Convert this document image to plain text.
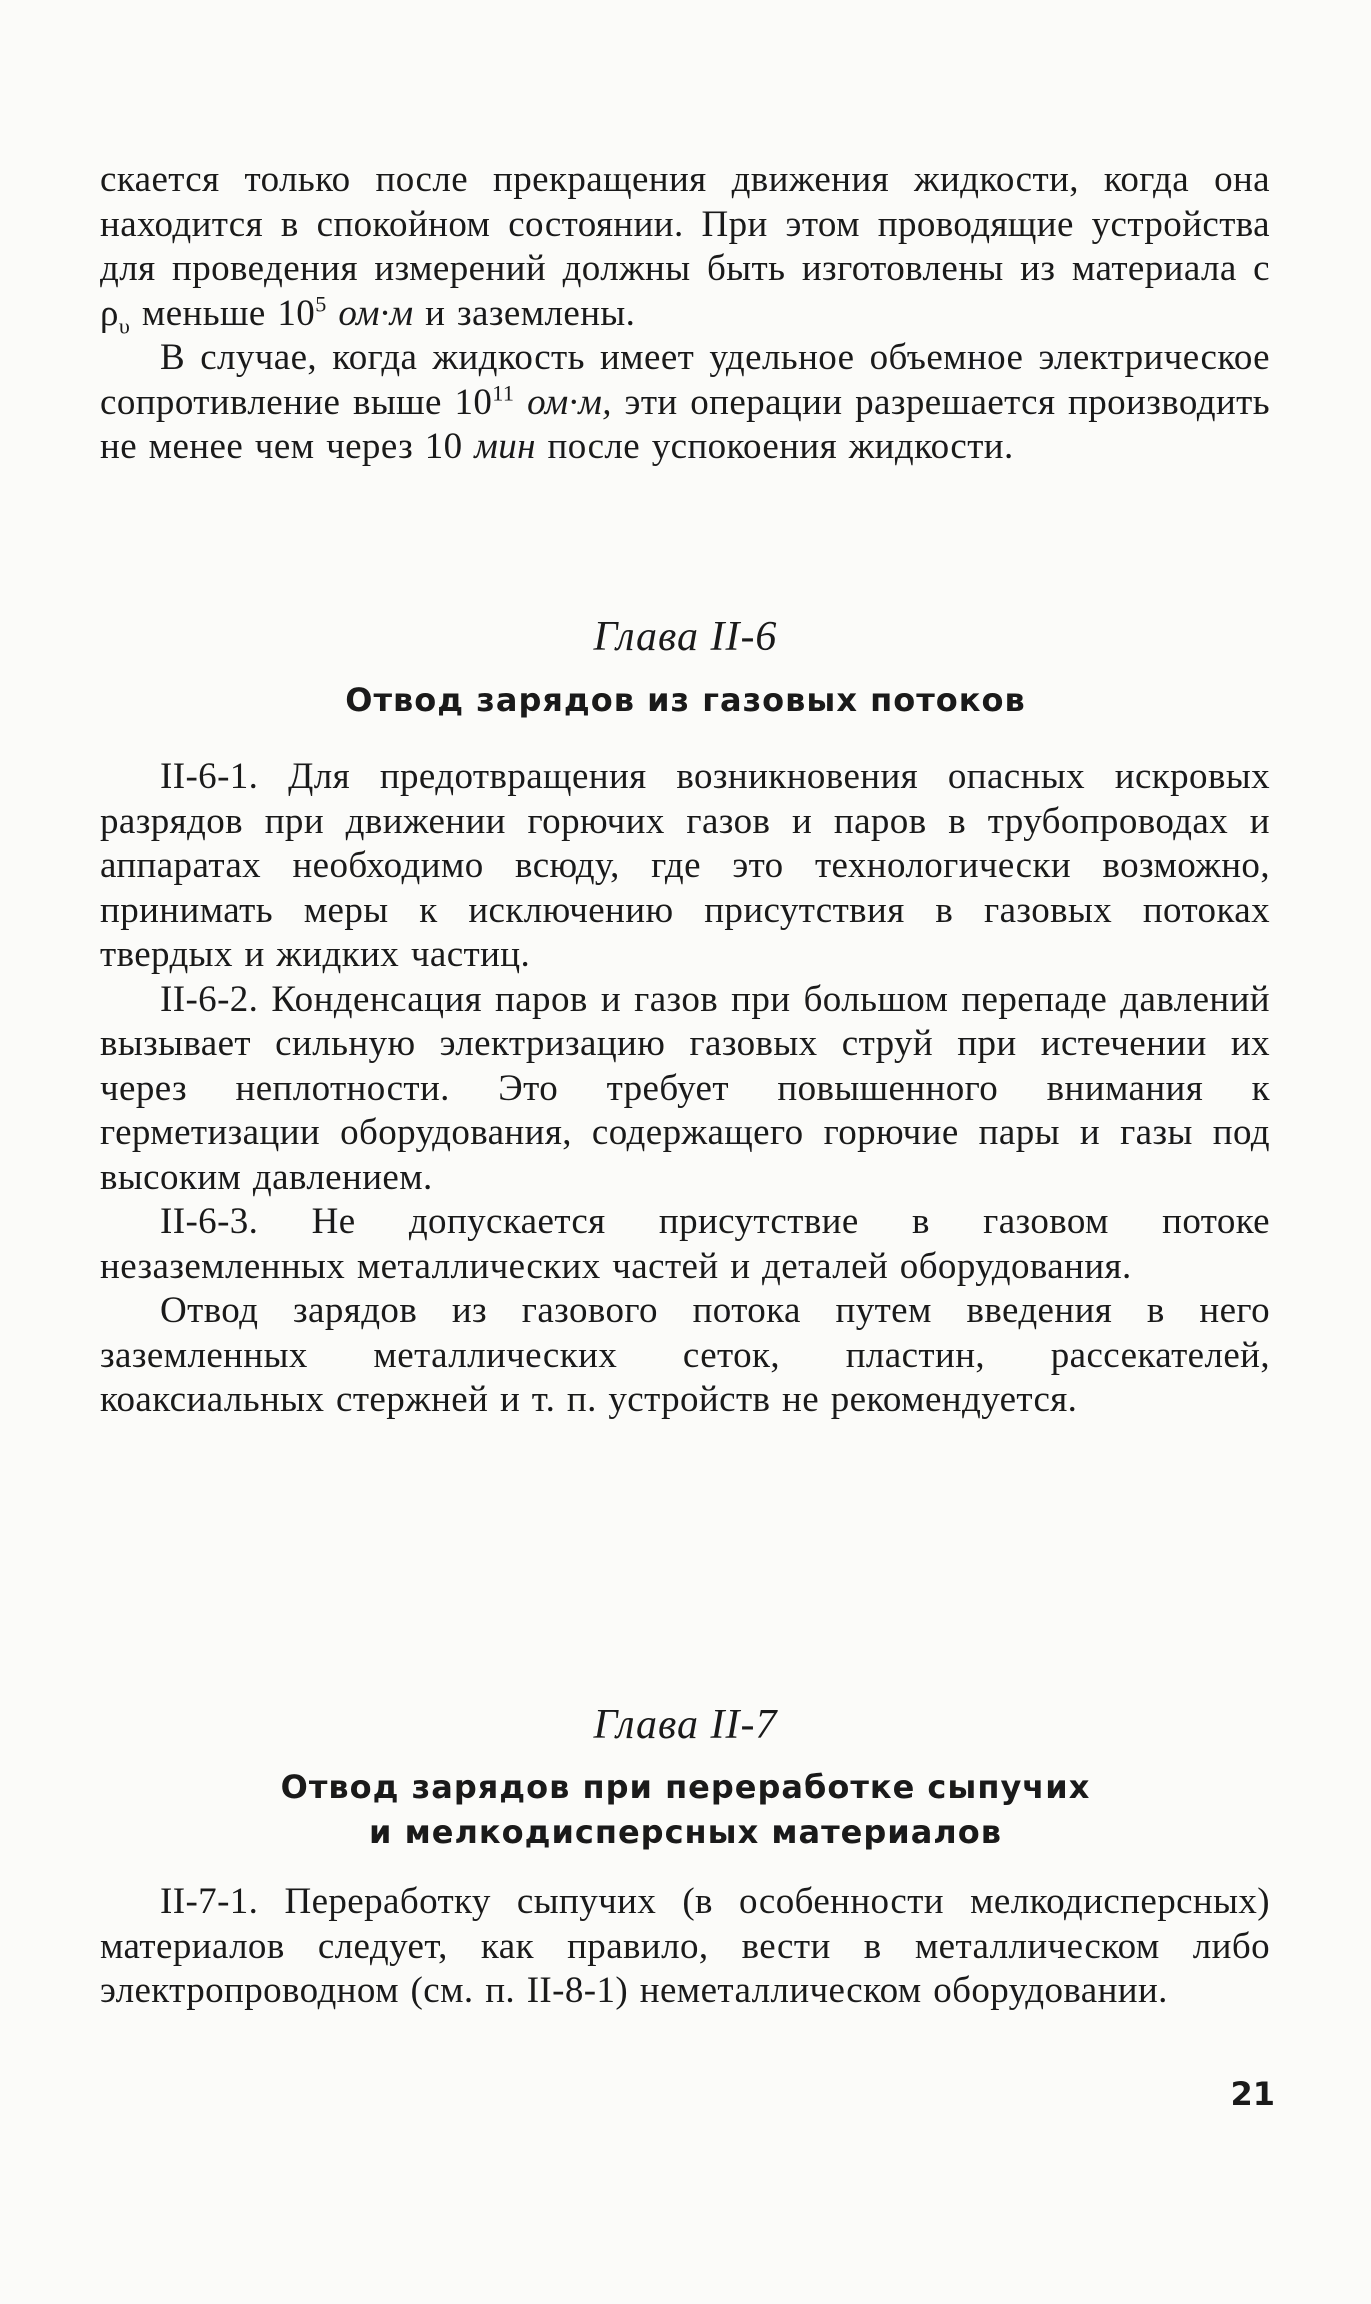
скается только после прекращения движения жидкости, когда она находится в спокойном состоянии. При этом проводящие устройства для проведения измерений должны быть изготовлены из материала с $\rho_\upsilon$ меньше $10^5$ ом·м и заземлены.

В случае, когда жидкость имеет удельное объемное электрическое сопротивление выше $10^{11}$ ом·м, эти операции разрешается производить не менее чем через 10 мин после успокоения жидкости.

Глава II-6
Отвод зарядов из газовых потоков

II-6-1. Для предотвращения возникновения опасных искровых разрядов при движении горючих газов и паров в трубопроводах и аппаратах необходимо всюду, где это технологически возможно, принимать меры к исключению присутствия в газовых потоках твердых и жидких частиц.

II-6-2. Конденсация паров и газов при большом перепаде давлений вызывает сильную электризацию газовых струй при истечении их через неплотности. Это требует повышенного внимания к герметизации оборудования, содержащего горючие пары и газы под высоким давлением.

II-6-3. Не допускается присутствие в газовом потоке незаземленных металлических частей и деталей оборудования.

Отвод зарядов из газового потока путем введения в него заземленных металлических сеток, пластин, рассекателей, коаксиальных стержней и т. п. устройств не рекомендуется.

Глава II-7
Отвод зарядов при переработке сыпучих
и мелкодисперсных материалов

II-7-1. Переработку сыпучих (в особенности мелкодисперсных) материалов следует, как правило, вести в металлическом либо электропроводном (см. п. II-8-1) неметаллическом оборудовании.

21
